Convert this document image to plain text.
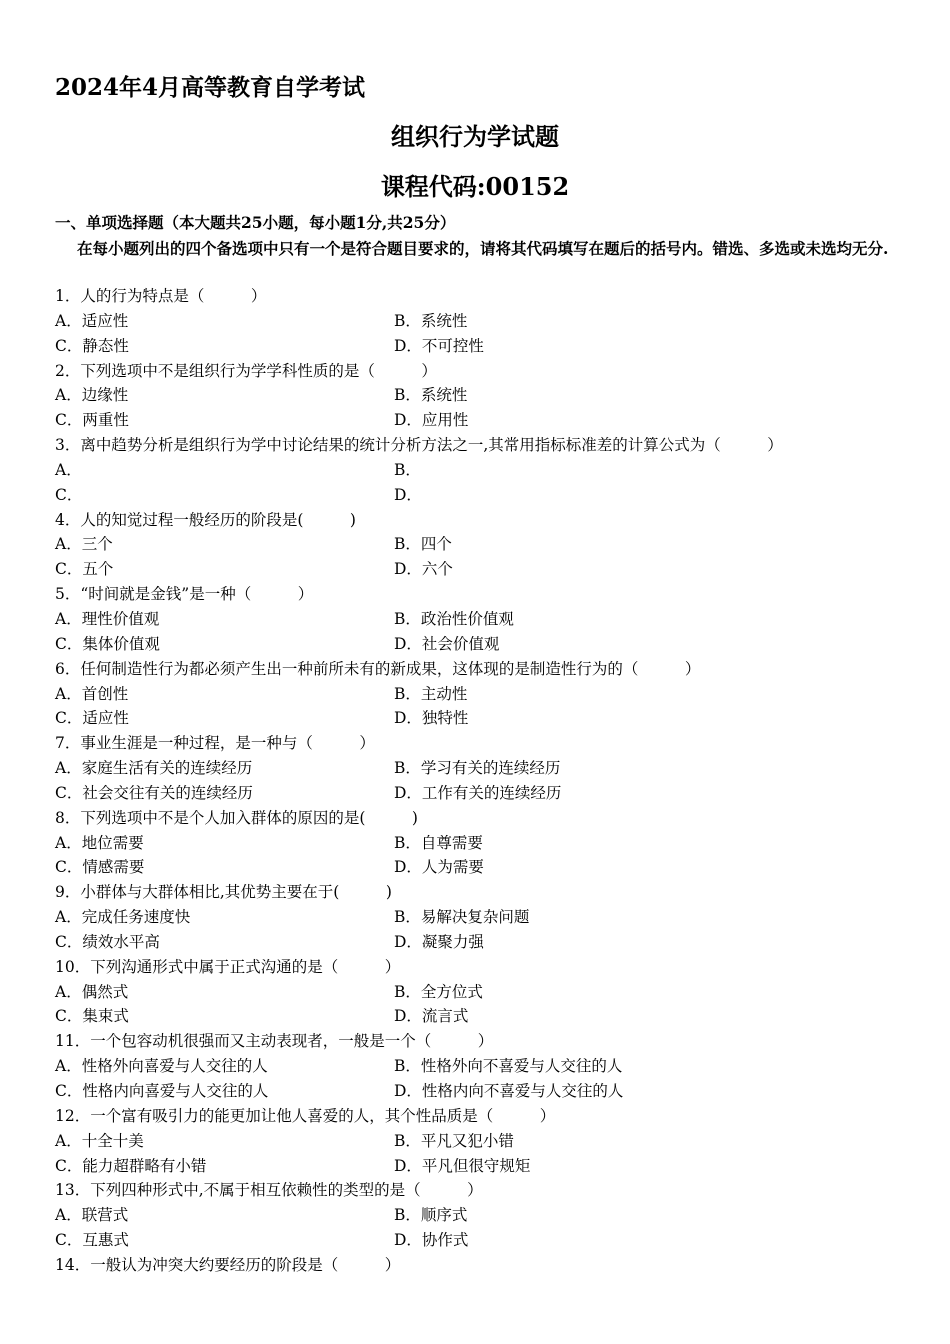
2024年4月高等教育自学考试
组织行为学试题
课程代码:00152
一、单项选择题（本大题共25小题，每小题1分,共25分）
在每小题列出的四个备选项中只有一个是符合题目要求的，请将其代码填写在题后的括号内。错选、多选或未选均无分.
1．人的行为特点是（　　　）
A．适应性	B．系统性
C．静态性	D．不可控性
2．下列选项中不是组织行为学学科性质的是（　　　）
A．边缘性	B．系统性
C．两重性	D．应用性
3．离中趋势分析是组织行为学中讨论结果的统计分析方法之一,其常用指标标准差的计算公式为（　　　）
A．	B．
C．	D．
4．人的知觉过程一般经历的阶段是(　　　)
A．三个	B．四个
C．五个	D．六个
5．“时间就是金钱”是一种（　　　）
A．理性价值观	B．政治性价值观
C．集体价值观	D．社会价值观
6．任何制造性行为都必须产生出一种前所未有的新成果，这体现的是制造性行为的（　　　）
A．首创性	B．主动性
C．适应性	D．独特性
7．事业生涯是一种过程，是一种与（　　　）
A．家庭生活有关的连续经历	B．学习有关的连续经历
C．社会交往有关的连续经历	D．工作有关的连续经历
8．下列选项中不是个人加入群体的原因的是(　　　)
A．地位需要	B．自尊需要
C．情感需要	D．人为需要
9．小群体与大群体相比,其优势主要在于(　　　)
A．完成任务速度快	B．易解决复杂问题
C．绩效水平高	D．凝聚力强
10．下列沟通形式中属于正式沟通的是（　　　）
A．偶然式	B．全方位式
C．集束式	D．流言式
11．一个包容动机很强而又主动表现者，一般是一个（　　　）
A．性格外向喜爱与人交往的人	B．性格外向不喜爱与人交往的人
C．性格内向喜爱与人交往的人	D．性格内向不喜爱与人交往的人
12．一个富有吸引力的能更加让他人喜爱的人，其个性品质是（　　　）
A．十全十美	B．平凡又犯小错
C．能力超群略有小错	D．平凡但很守规矩
13．下列四种形式中,不属于相互依赖性的类型的是（　　　）
A．联营式	B．顺序式
C．互惠式	D．协作式
14．一般认为冲突大约要经历的阶段是（　　　）
